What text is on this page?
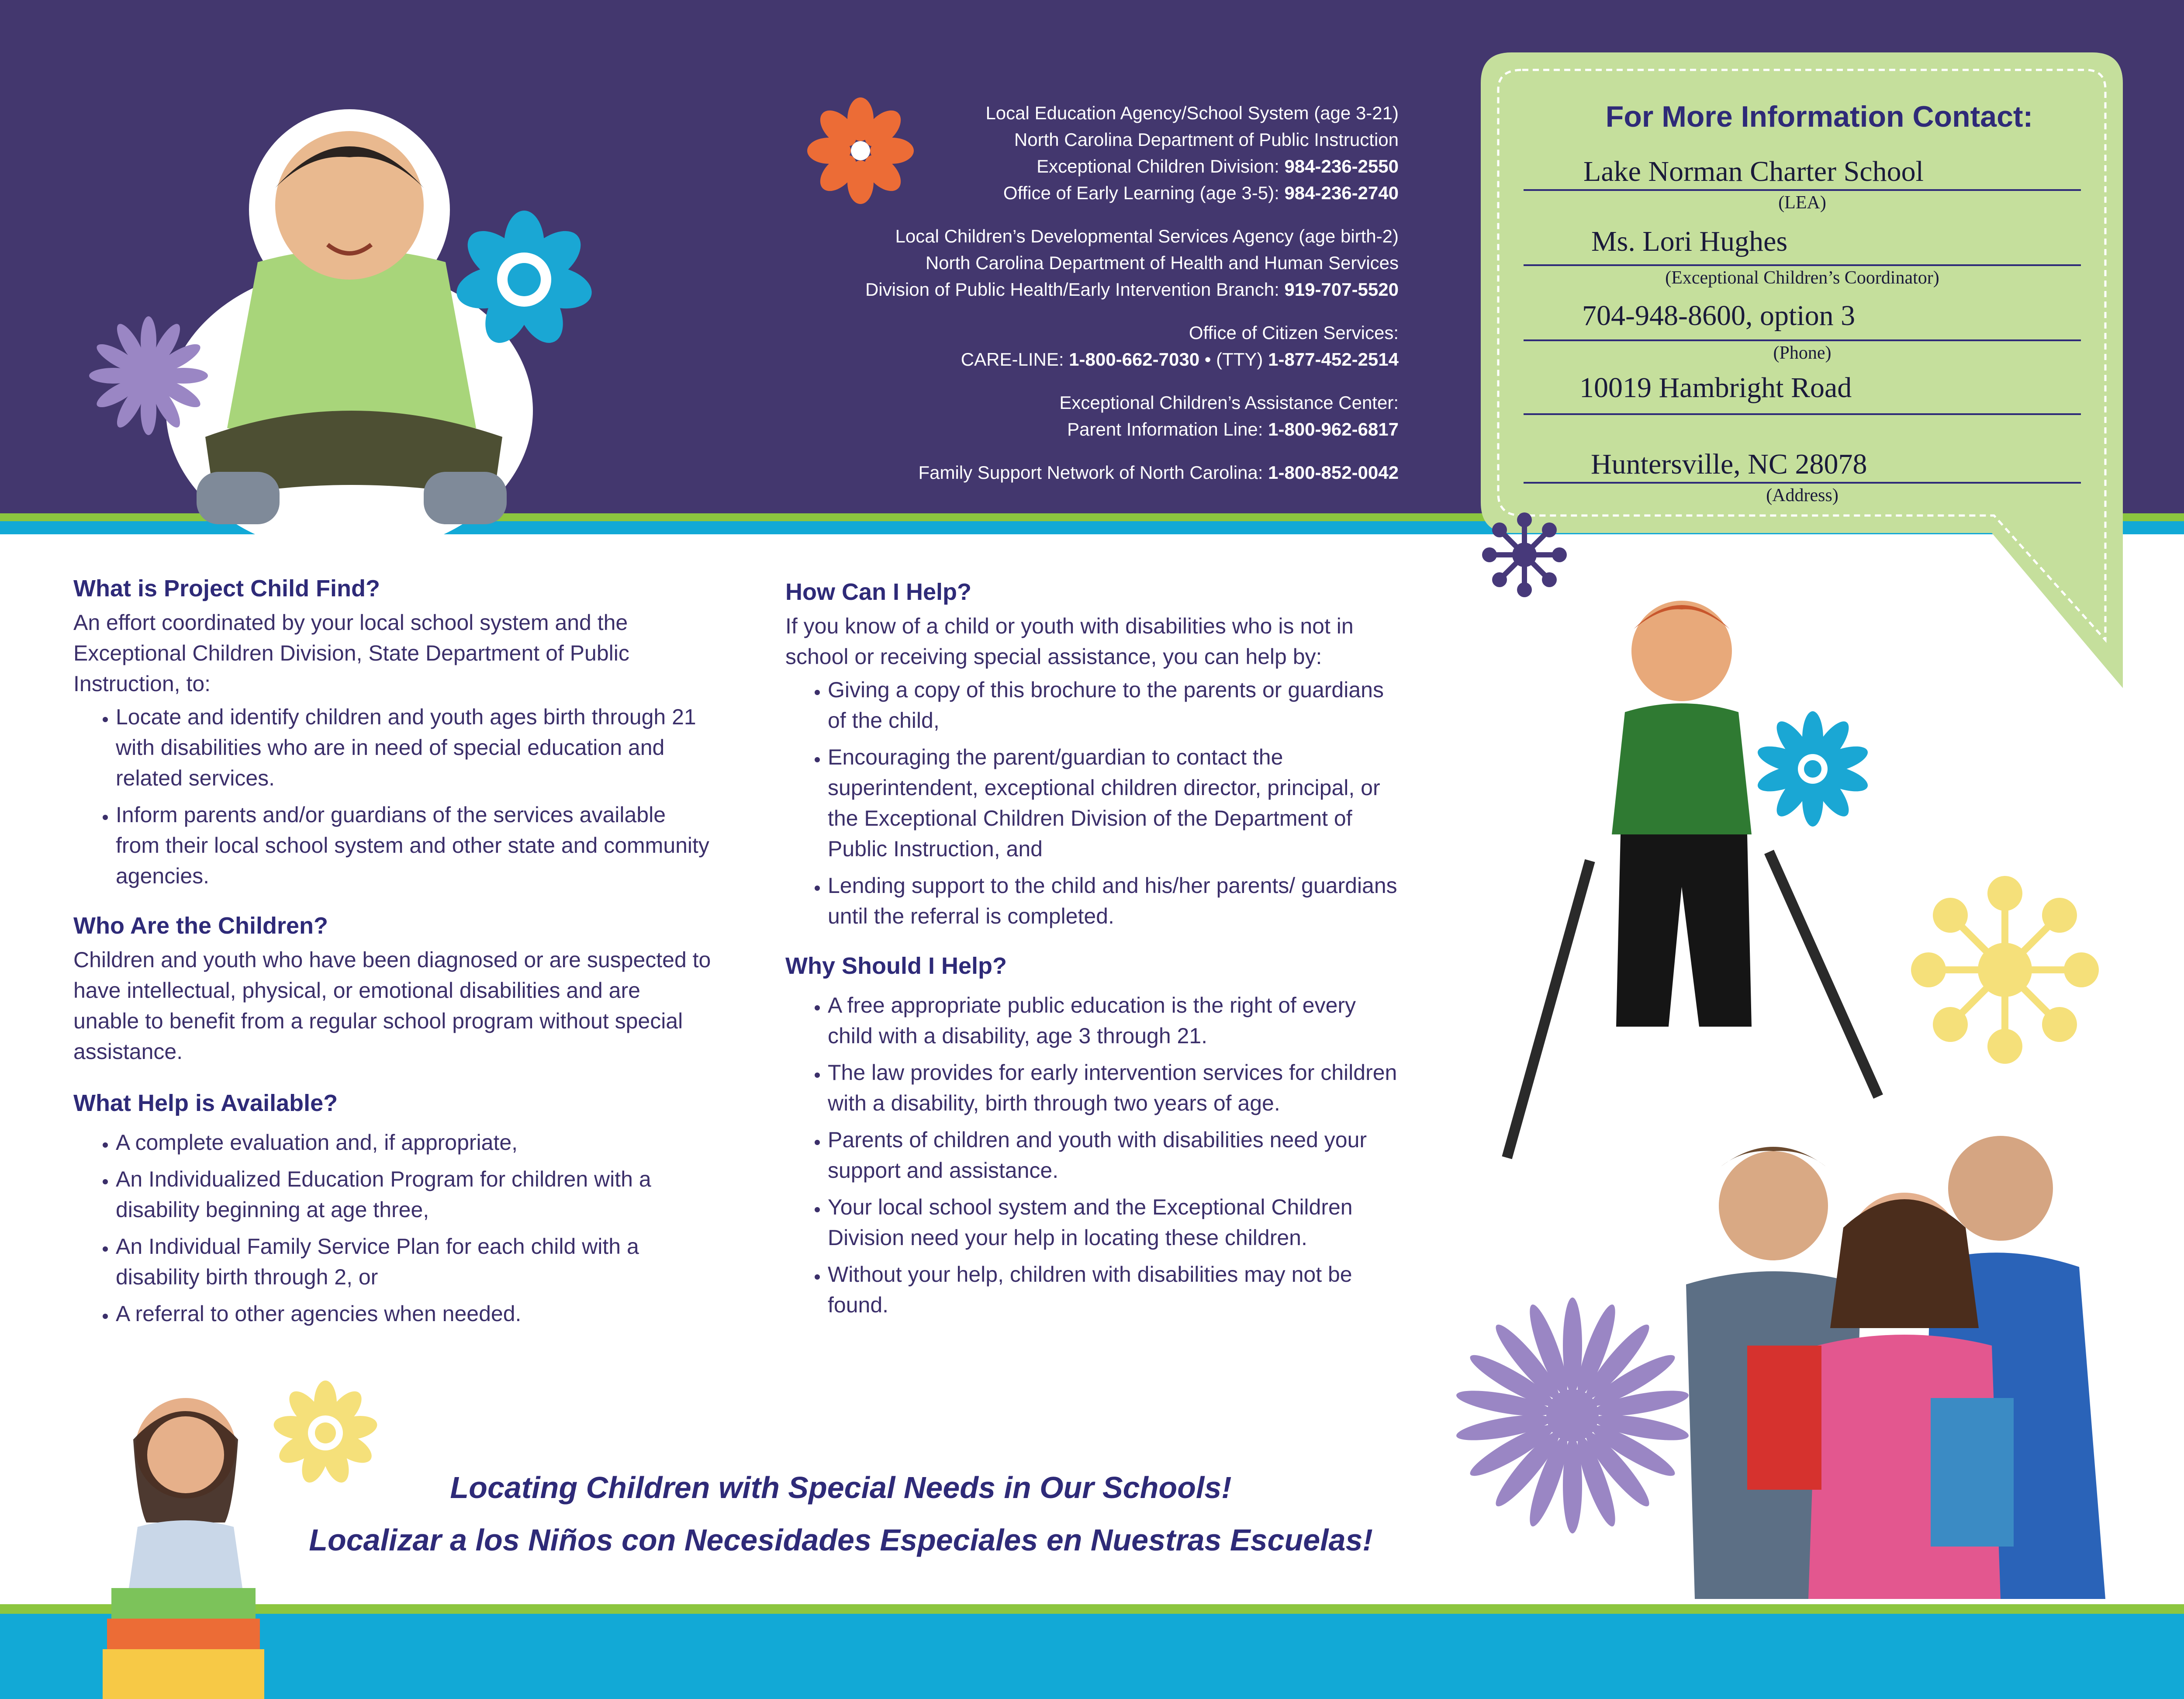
Local Education Agency/School System (age 3-21)
North Carolina Department of Public Instruction
Exceptional Children Division: 984-236-2550
Office of Early Learning (age 3-5): 984-236-2740
Local Children’s Developmental Services Agency (age birth-2)
North Carolina Department of Health and Human Services
Division of Public Health/Early Intervention Branch: 919-707-5520
Office of Citizen Services:
CARE-LINE: 1-800-662-7030 • (TTY) 1-877-452-2514
Exceptional Children’s Assistance Center:
Parent Information Line: 1-800-962-6817
Family Support Network of North Carolina: 1-800-852-0042
For More Information Contact:
Lake Norman Charter School
(LEA)
Ms. Lori Hughes
(Exceptional Children’s Coordinator)
704-948-8600, option 3
(Phone)
10019 Hambright Road
Huntersville, NC 28078
(Address)
What is Project Child Find?

An effort coordinated by your local school system and the Exceptional Children Division, State Department of Public Instruction, to:

• Locate and identify children and youth ages birth through 21 with disabilities who are in need of special education and related services.
• Inform parents and/or guardians of the services available from their local school system and other state and community agencies.
Who Are the Children?

Children and youth who have been diagnosed or are suspected to have intellectual, physical, or emotional disabilities and are unable to benefit from a regular school program without special assistance.

What Help is Available?
• A complete evaluation and, if appropriate,
• An Individualized Education Program for children with a disability beginning at age three,
• An Individual Family Service Plan for each child with a disability birth through 2, or
• A referral to other agencies when needed.
How Can I Help?

If you know of a child or youth with disabilities who is not in school or receiving special assistance, you can help by:

• Giving a copy of this brochure to the parents or guardians of the child,
• Encouraging the parent/guardian to contact the superintendent, exceptional children director, principal, or the Exceptional Children Division of the Department of Public Instruction, and
• Lending support to the child and his/her parents/ guardians until the referral is completed.
Why Should I Help?
• A free appropriate public education is the right of every child with a disability, age 3 through 21.
• The law provides for early intervention services for children with a disability, birth through two years of age.
• Parents of children and youth with disabilities need your support and assistance.
• Your local school system and the Exceptional Children Division need your help in locating these children.
• Without your help, children with disabilities may not be found.
Locating Children with Special Needs in Our Schools!
Localizar a los Niños con Necesidades Especiales en Nuestras Escuelas!
